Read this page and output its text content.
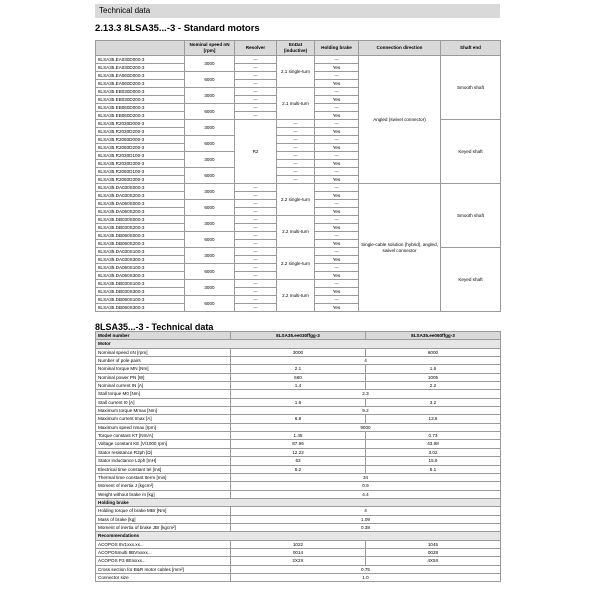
Technical data
2.13.3 8LSA35...-3 - Standard motors
	Nominal speed nN [rpm]	Resolver	EnDat (inductive)	Holding brake	Connection direction	Shaft end
8LSA35.EA030D000-3	3000	---	2.1 single-turn	---	Angled (swivel connector)	Smooth shaft
8LSA35.EA030D200-3		---		Yes		
8LSA35.EA060D000-3	6000	---		---		
8LSA35.EA060D200-3		---		Yes		
8LSA35.EB030D000-3	3000	---	2.1 multi-turn	---		
8LSA35.EB030D200-3		---		Yes		
8LSA35.EB060D000-3	6000	---		---		
8LSA35.EB060D200-3		---		Yes		
8LSA35.R2030D000-3	3000	R2	---	---		Keyed shaft
8LSA35.R2030D200-3			---	Yes		
8LSA35.R2060D000-3	6000		---	---		
8LSA35.R2060D200-3			---	Yes		
8LSA35.R2030D100-3	3000		---	---		
8LSA35.R2030D300-3			---	Yes		
8LSA35.R2060D100-3	6000		---	---		
8LSA35.R2060D300-3			---	Yes		
8LSA35.DA030S000-3	3000	---	2.2 single-turn	---	Single-cable solution (hybrid), angled, swivel connector	Smooth shaft
8LSA35.DA030S200-3		---		Yes		
8LSA35.DA060S000-3	6000	---		---		
8LSA35.DA060S200-3		---		Yes		
8LSA35.DB030S000-3	3000	---	2.2 multi-turn	---		
8LSA35.DB030S200-3		---		Yes		
8LSA35.DB060S000-3	6000	---		---		
8LSA35.DB060S200-3		---		Yes		
8LSA35.DA030S100-3	3000	---	2.2 single-turn	---		Keyed shaft
8LSA35.DA030S300-3		---		Yes		
8LSA35.DA060S100-3	6000	---		---		
8LSA35.DA060S300-3		---		Yes		
8LSA35.DB030S100-3	3000	---	2.2 multi-turn	---		
8LSA35.DB030S300-3		---		Yes		
8LSA35.DB060S100-3	6000	---		---		
8LSA35.DB060S300-3		---		Yes		
8LSA35...-3 - Technical data
Model number	8LSA35.ee030ffgg-3	8LSA35.ee060ffgg-3
Motor		
Nominal speed nN [rpm]	3000	6000
Number of pole pairs	4	
Nominal torque MN [Nm]	2.1	1.6
Nominal power PN [W]	660	1005
Nominal current IN [A]	1.4	2.2
Stall torque M0 [Nm]	2.3	
Stall current I0 [A]	1.6	3.2
Maximum torque Mmax [Nm]	9.2	
Maximum current Imax [A]	6.8	13.6
Maximum speed nmax [rpm]	9000	
Torque constant KT [Nm/A]	1.45	0.73
Voltage constant KE [V/1000 rpm]	87.96	43.98
Stator resistance R2ph [Ω]	12.22	3.02
Stator inductance L2ph [mH]	63	15.6
Electrical time constant tel [ms]	5.2	5.1
Thermal time constant tterm [min]	34	
Moment of inertia J [kgcm²]	0.9	
Weight without brake m [kg]	4.4	
Holding brake		
Holding torque of brake MBr [Nm]	4	
Mass of brake [kg]	1.09	
Moment of inertia of brake JBr [kgcm²]	0.38	
Recommendations		
ACOPOS 8V1xxx.xx...	1022	1045
ACOPOSmulti 8BVIxxxx...	0014	0028
ACOPOS P3 8EIxxxx...	2X2X	4X5X
Cross section for B&R motor cables [mm²]	0.75	
Connector size	1.0	
